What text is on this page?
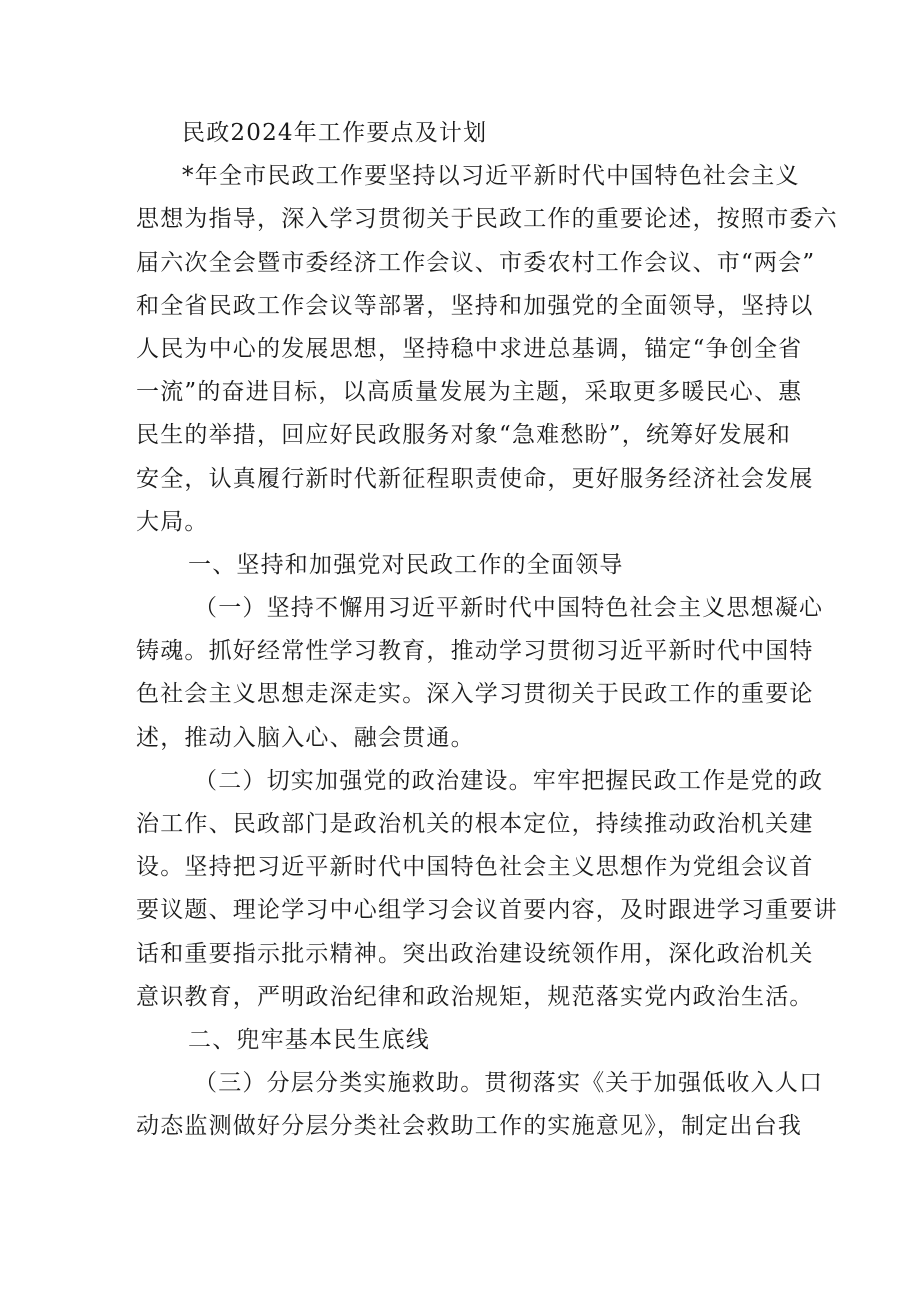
民政2024年工作要点及计划
*年全市民政工作要坚持以习近平新时代中国特色社会主义
思想为指导，深入学习贯彻关于民政工作的重要论述，按照市委六
届六次全会暨市委经济工作会议、市委农村工作会议、市“两会”
和全省民政工作会议等部署，坚持和加强党的全面领导，坚持以
人民为中心的发展思想，坚持稳中求进总基调，锚定“争创全省
一流”的奋进目标，以高质量发展为主题，采取更多暖民心、惠
民生的举措，回应好民政服务对象“急难愁盼”，统筹好发展和
安全，认真履行新时代新征程职责使命，更好服务经济社会发展
大局。
一、坚持和加强党对民政工作的全面领导
（一）坚持不懈用习近平新时代中国特色社会主义思想凝心
铸魂。抓好经常性学习教育，推动学习贯彻习近平新时代中国特
色社会主义思想走深走实。深入学习贯彻关于民政工作的重要论
述，推动入脑入心、融会贯通。
（二）切实加强党的政治建设。牢牢把握民政工作是党的政
治工作、民政部门是政治机关的根本定位，持续推动政治机关建
设。坚持把习近平新时代中国特色社会主义思想作为党组会议首
要议题、理论学习中心组学习会议首要内容，及时跟进学习重要讲
话和重要指示批示精神。突出政治建设统领作用，深化政治机关
意识教育，严明政治纪律和政治规矩，规范落实党内政治生活。
二、兜牢基本民生底线
（三）分层分类实施救助。贯彻落实《关于加强低收入人口
动态监测做好分层分类社会救助工作的实施意见》，制定出台我
